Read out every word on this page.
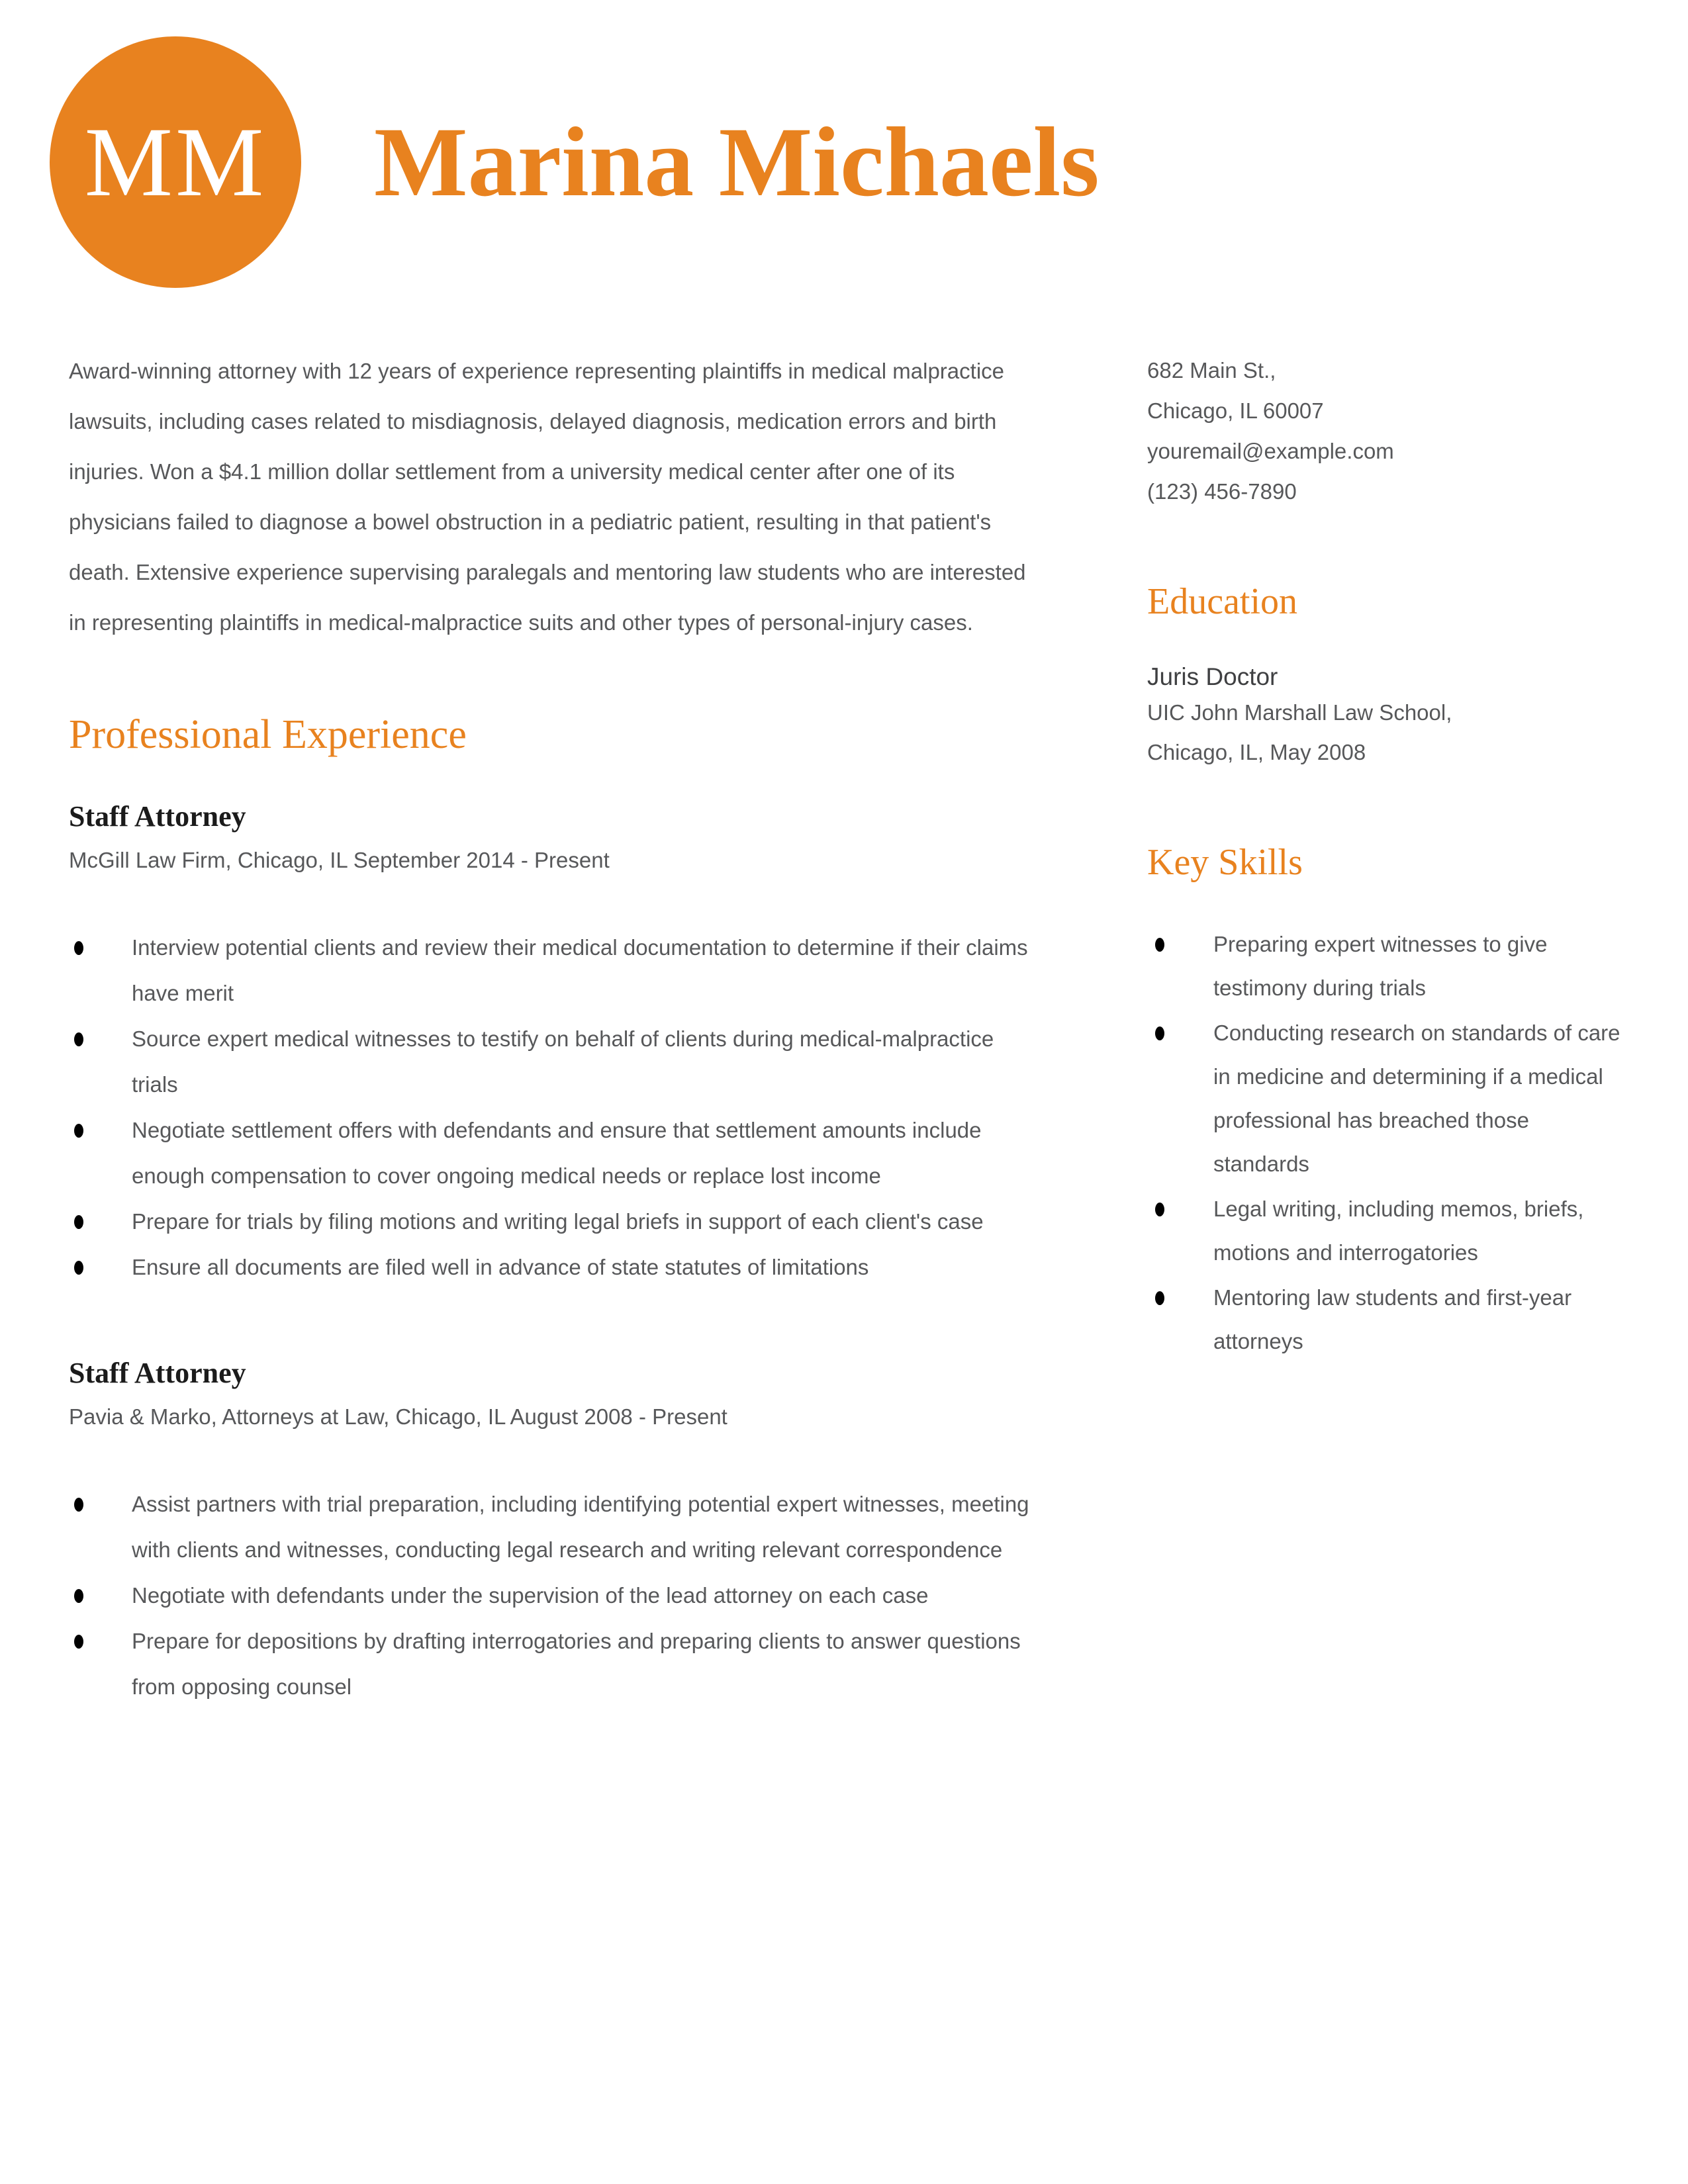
MM Marina Michaels

Award-winning attorney with 12 years of experience representing plaintiffs in medical malpractice lawsuits, including cases related to misdiagnosis, delayed diagnosis, medication errors and birth injuries. Won a $4.1 million dollar settlement from a university medical center after one of its physicians failed to diagnose a bowel obstruction in a pediatric patient, resulting in that patient's death. Extensive experience supervising paralegals and mentoring law students who are interested in representing plaintiffs in medical-malpractice suits and other types of personal-injury cases.

Professional Experience
Staff Attorney
McGill Law Firm, Chicago, IL September 2014 - Present
Interview potential clients and review their medical documentation to determine if their claims have merit
Source expert medical witnesses to testify on behalf of clients during medical-malpractice trials
Negotiate settlement offers with defendants and ensure that settlement amounts include enough compensation to cover ongoing medical needs or replace lost income
Prepare for trials by filing motions and writing legal briefs in support of each client's case
Ensure all documents are filed well in advance of state statutes of limitations
Staff Attorney
Pavia & Marko, Attorneys at Law, Chicago, IL August 2008 - Present
Assist partners with trial preparation, including identifying potential expert witnesses, meeting with clients and witnesses, conducting legal research and writing relevant correspondence
Negotiate with defendants under the supervision of the lead attorney on each case
Prepare for depositions by drafting interrogatories and preparing clients to answer questions from opposing counsel
682 Main St.,
Chicago, IL 60007
youremail@example.com
(123) 456-7890
Education
Juris Doctor
UIC John Marshall Law School,
Chicago, IL, May 2008
Key Skills
Preparing expert witnesses to give testimony during trials
Conducting research on standards of care in medicine and determining if a medical professional has breached those standards
Legal writing, including memos, briefs, motions and interrogatories
Mentoring law students and first-year attorneys
